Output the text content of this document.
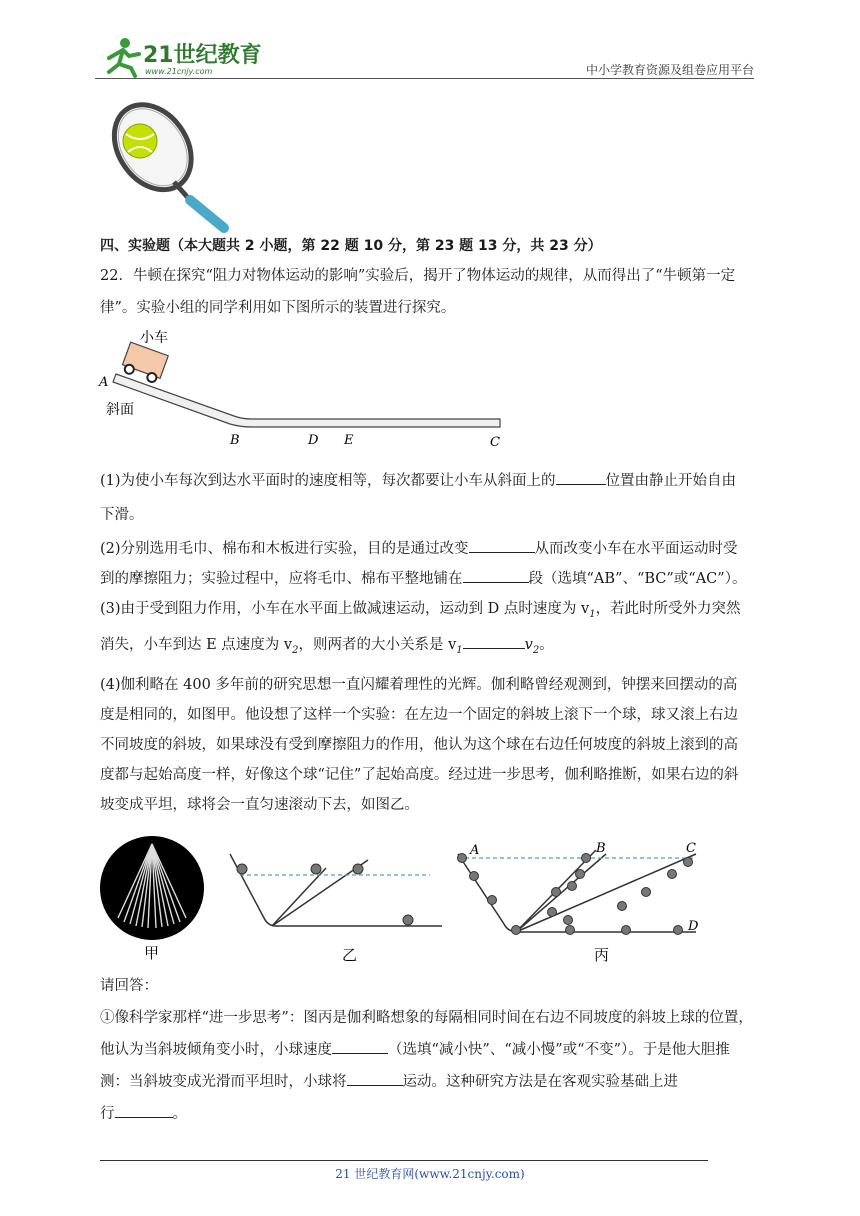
21世纪教育
www.21cnjy.com	中小学教育资源及组卷应用平台
四、实验题（本大题共 2 小题，第 22 题 10 分，第 23 题 13 分，共 23 分）

22．牛顿在探究“阻力对物体运动的影响”实验后，揭开了物体运动的规律，从而得出了“牛顿第一定

律”。实验小组的同学利用如下图所示的装置进行探究。

小车
A
斜面
B	D E	C

(1)为使小车每次到达水平面时的速度相等，每次都要让小车从斜面上的	位置由静止开始自由

下滑。

(2)分别选用毛巾、棉布和木板进行实验，目的是通过改变	从而改变小车在水平面运动时受

到的摩擦阻力；实验过程中，应将毛巾、棉布平整地铺在	段（选填“AB”、“BC”或“AC”）。

(3)由于受到阻力作用，小车在水平面上做减速运动，运动到 D 点时速度为 $v_1$，若此时所受外力突然

消失，小车到达 E 点速度为 $v_2$，则两者的大小关系是 $v_1$	$v_2$。

(4)伽利略在 400 多年前的研究思想一直闪耀着理性的光辉。伽利略曾经观测到，钟摆来回摆动的高

度是相同的，如图甲。他设想了这样一个实验：在左边一个固定的斜坡上滚下一个球，球又滚上右边

不同坡度的斜坡，如果球没有受到摩擦阻力的作用，他认为这个球在右边任何坡度的斜坡上滚到的高

度都与起始高度一样，好像这个球“记住”了起始高度。经过进一步思考，伽利略推断，如果右边的斜

坡变成平坦，球将会一直匀速滚动下去，如图乙。

甲	乙
A	B	C
D
丙

请回答：

①像科学家那样“进一步思考”：图丙是伽利略想象的每隔相同时间在右边不同坡度的斜坡上球的位置，

他认为当斜坡倾角变小时，小球速度	（选填“减小快”、“减小慢”或“不变”）。于是他大胆推

测：当斜坡变成光滑而平坦时，小球将	运动。这种研究方法是在客观实验基础上进

行	。

21 世纪教育网(www.21cnjy.com)
